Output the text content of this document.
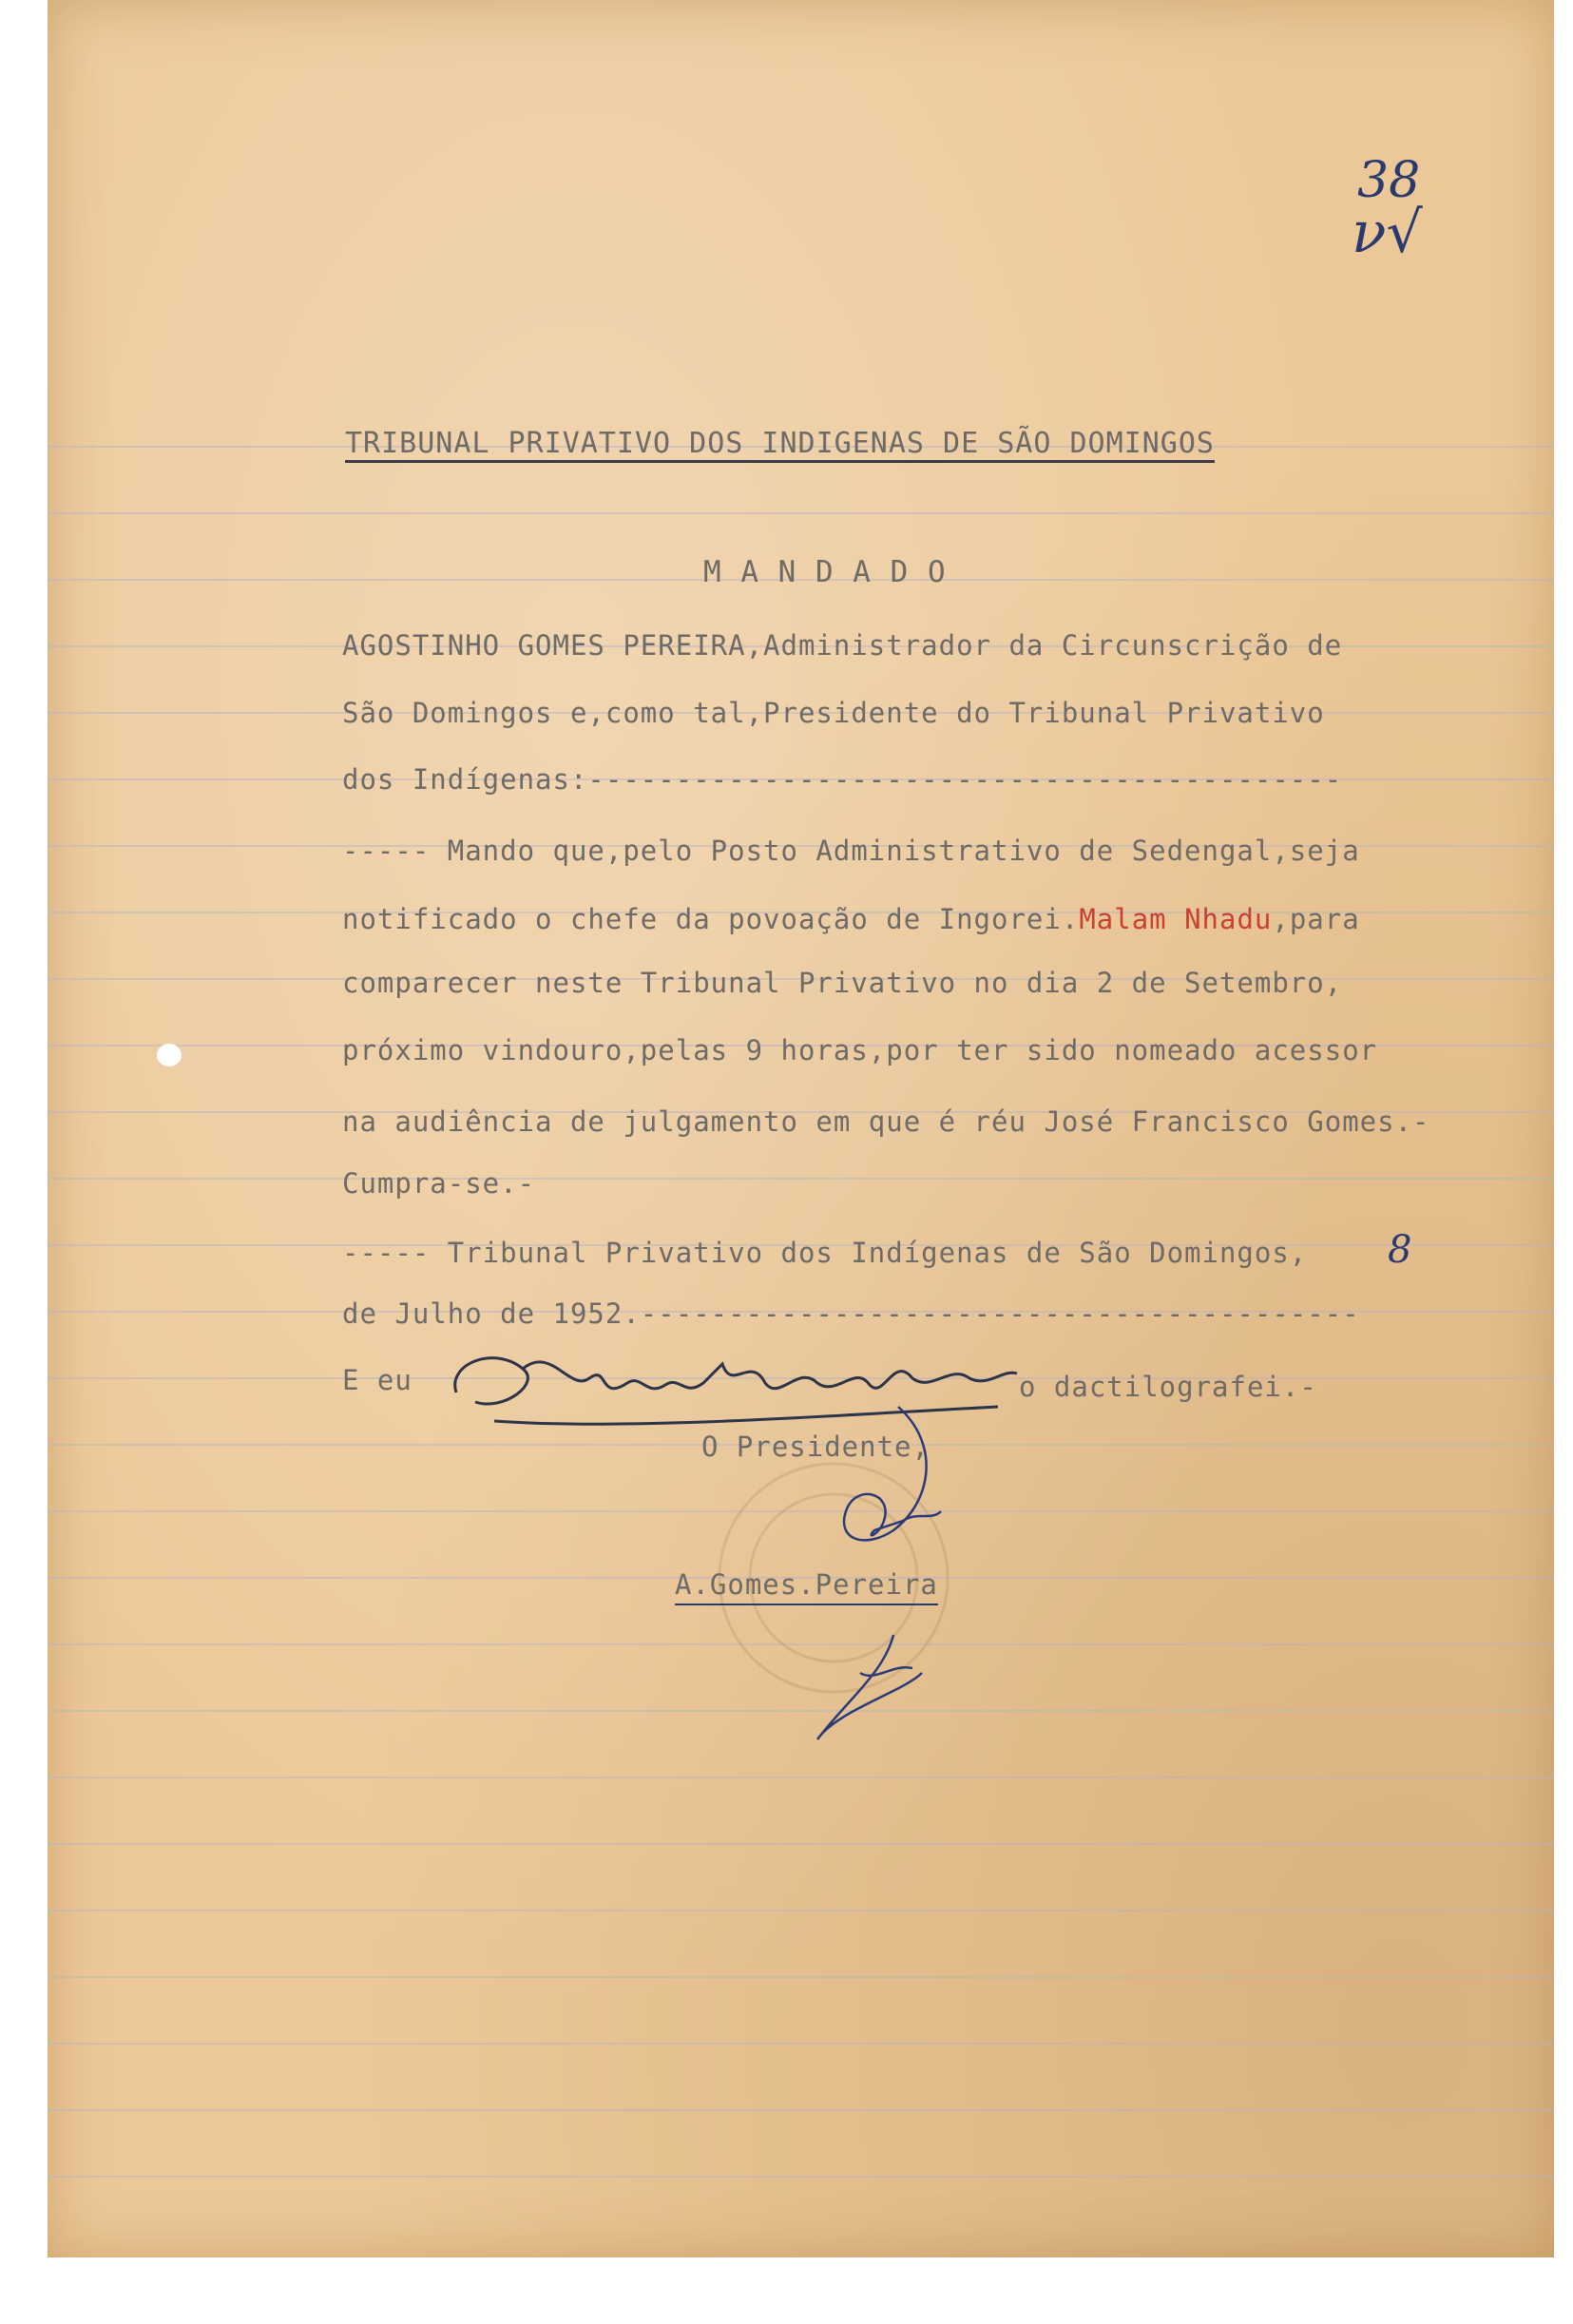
38
ν√
TRIBUNAL PRIVATIVO DOS INDIGENAS DE SÃO DOMINGOS
M A N D A D O
AGOSTINHO GOMES PEREIRA,Administrador da Circunscrição de
São Domingos e,como tal,Presidente do Tribunal Privativo
dos Indígenas:-------------------------------------------
----- Mando que,pelo Posto Administrativo de Sedengal,seja
notificado o chefe da povoação de Ingorei.Malam Nhadu,para
comparecer neste Tribunal Privativo no dia 2 de Setembro,
próximo vindouro,pelas 9 horas,por ter sido nomeado acessor
na audiência de julgamento em que é réu José Francisco Gomes.-
Cumpra-se.-
----- Tribunal Privativo dos Indígenas de São Domingos, 8
de Julho de 1952.-----------------------------------------
E eu	o dactilografei.-
O Presidente,
A.Gomes.Pereira
